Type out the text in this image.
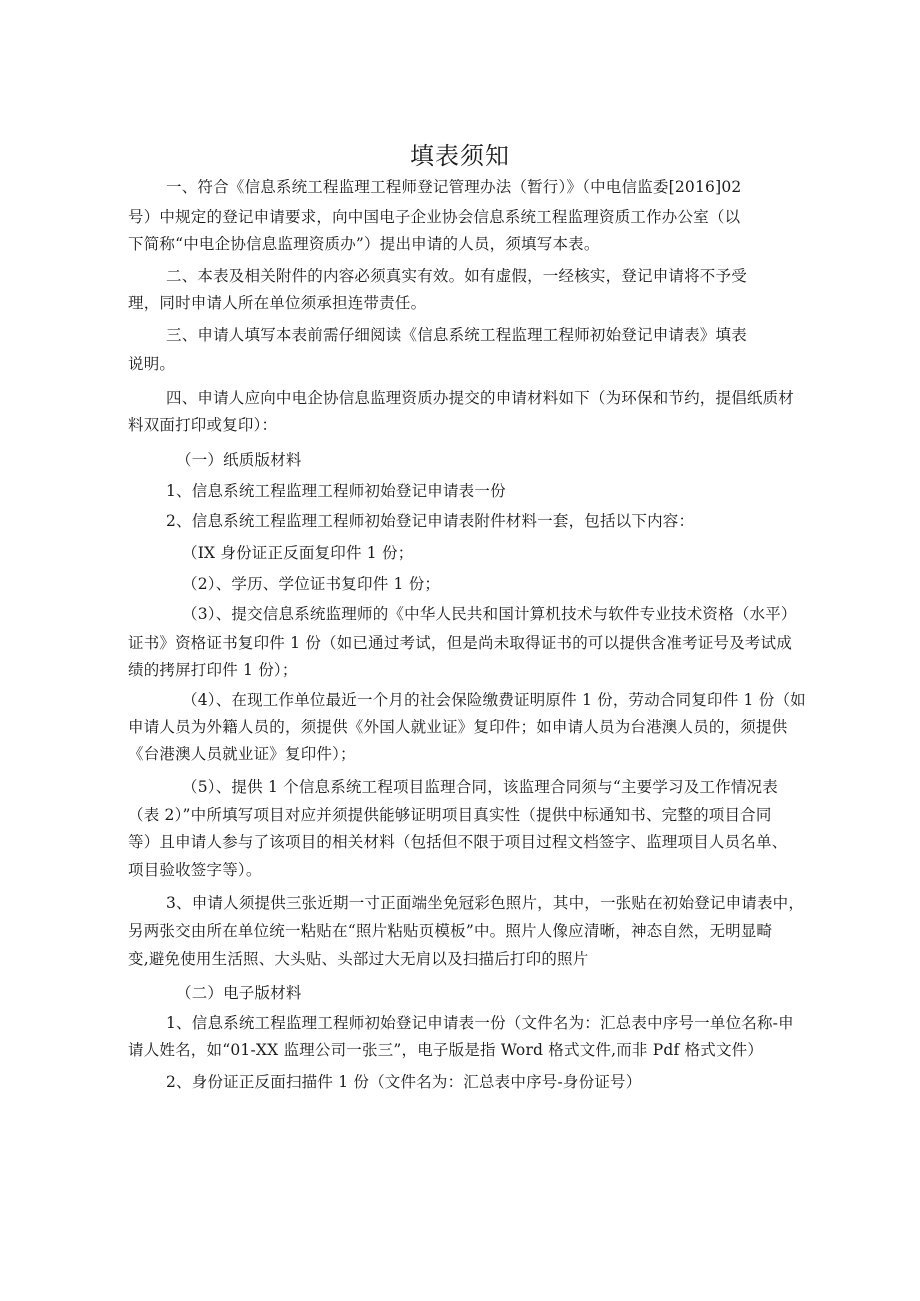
填表须知
一、符合《信息系统工程监理工程师登记管理办法（暂行）》（中电信监委[2016]02
号）中规定的登记申请要求，向中国电子企业协会信息系统工程监理资质工作办公室（以
下简称“中电企协信息监理资质办”）提出申请的人员，须填写本表。
二、本表及相关附件的内容必须真实有效。如有虚假，一经核实，登记申请将不予受
理，同时申请人所在单位须承担连带责任。
三、申请人填写本表前需仔细阅读《信息系统工程监理工程师初始登记申请表》填表
说明。
四、申请人应向中电企协信息监理资质办提交的申请材料如下（为环保和节约，提倡纸质材
料双面打印或复印）：
（一）纸质版材料
1、信息系统工程监理工程师初始登记申请表一份
2、信息系统工程监理工程师初始登记申请表附件材料一套，包括以下内容：
（IX 身份证正反面复印件 1 份；
（2）、学历、学位证书复印件 1 份；
（3）、提交信息系统监理师的《中华人民共和国计算机技术与软件专业技术资格（水平）
证书》资格证书复印件 1 份（如已通过考试，但是尚未取得证书的可以提供含准考证号及考试成
绩的拷屏打印件 1 份）；
（4）、在现工作单位最近一个月的社会保险缴费证明原件 1 份，劳动合同复印件 1 份（如
申请人员为外籍人员的，须提供《外国人就业证》复印件；如申请人员为台港澳人员的，须提供
《台港澳人员就业证》复印件）；
（5）、提供 1 个信息系统工程项目监理合同，该监理合同须与“主要学习及工作情况表
（表 2）”中所填写项目对应并须提供能够证明项目真实性（提供中标通知书、完整的项目合同
等）且申请人参与了该项目的相关材料（包括但不限于项目过程文档签字、监理项目人员名单、
项目验收签字等）。
3、申请人须提供三张近期一寸正面端坐免冠彩色照片，其中，一张贴在初始登记申请表中，
另两张交由所在单位统一粘贴在“照片粘贴页模板”中。照片人像应清晰，神态自然，无明显畸
变,避免使用生活照、大头贴、头部过大无肩以及扫描后打印的照片
（二）电子版材料
1、信息系统工程监理工程师初始登记申请表一份（文件名为：汇总表中序号一单位名称-申
请人姓名，如“01-XX 监理公司一张三”，电子版是指 Word 格式文件,而非 Pdf 格式文件）
2、身份证正反面扫描件 1 份（文件名为：汇总表中序号-身份证号）
